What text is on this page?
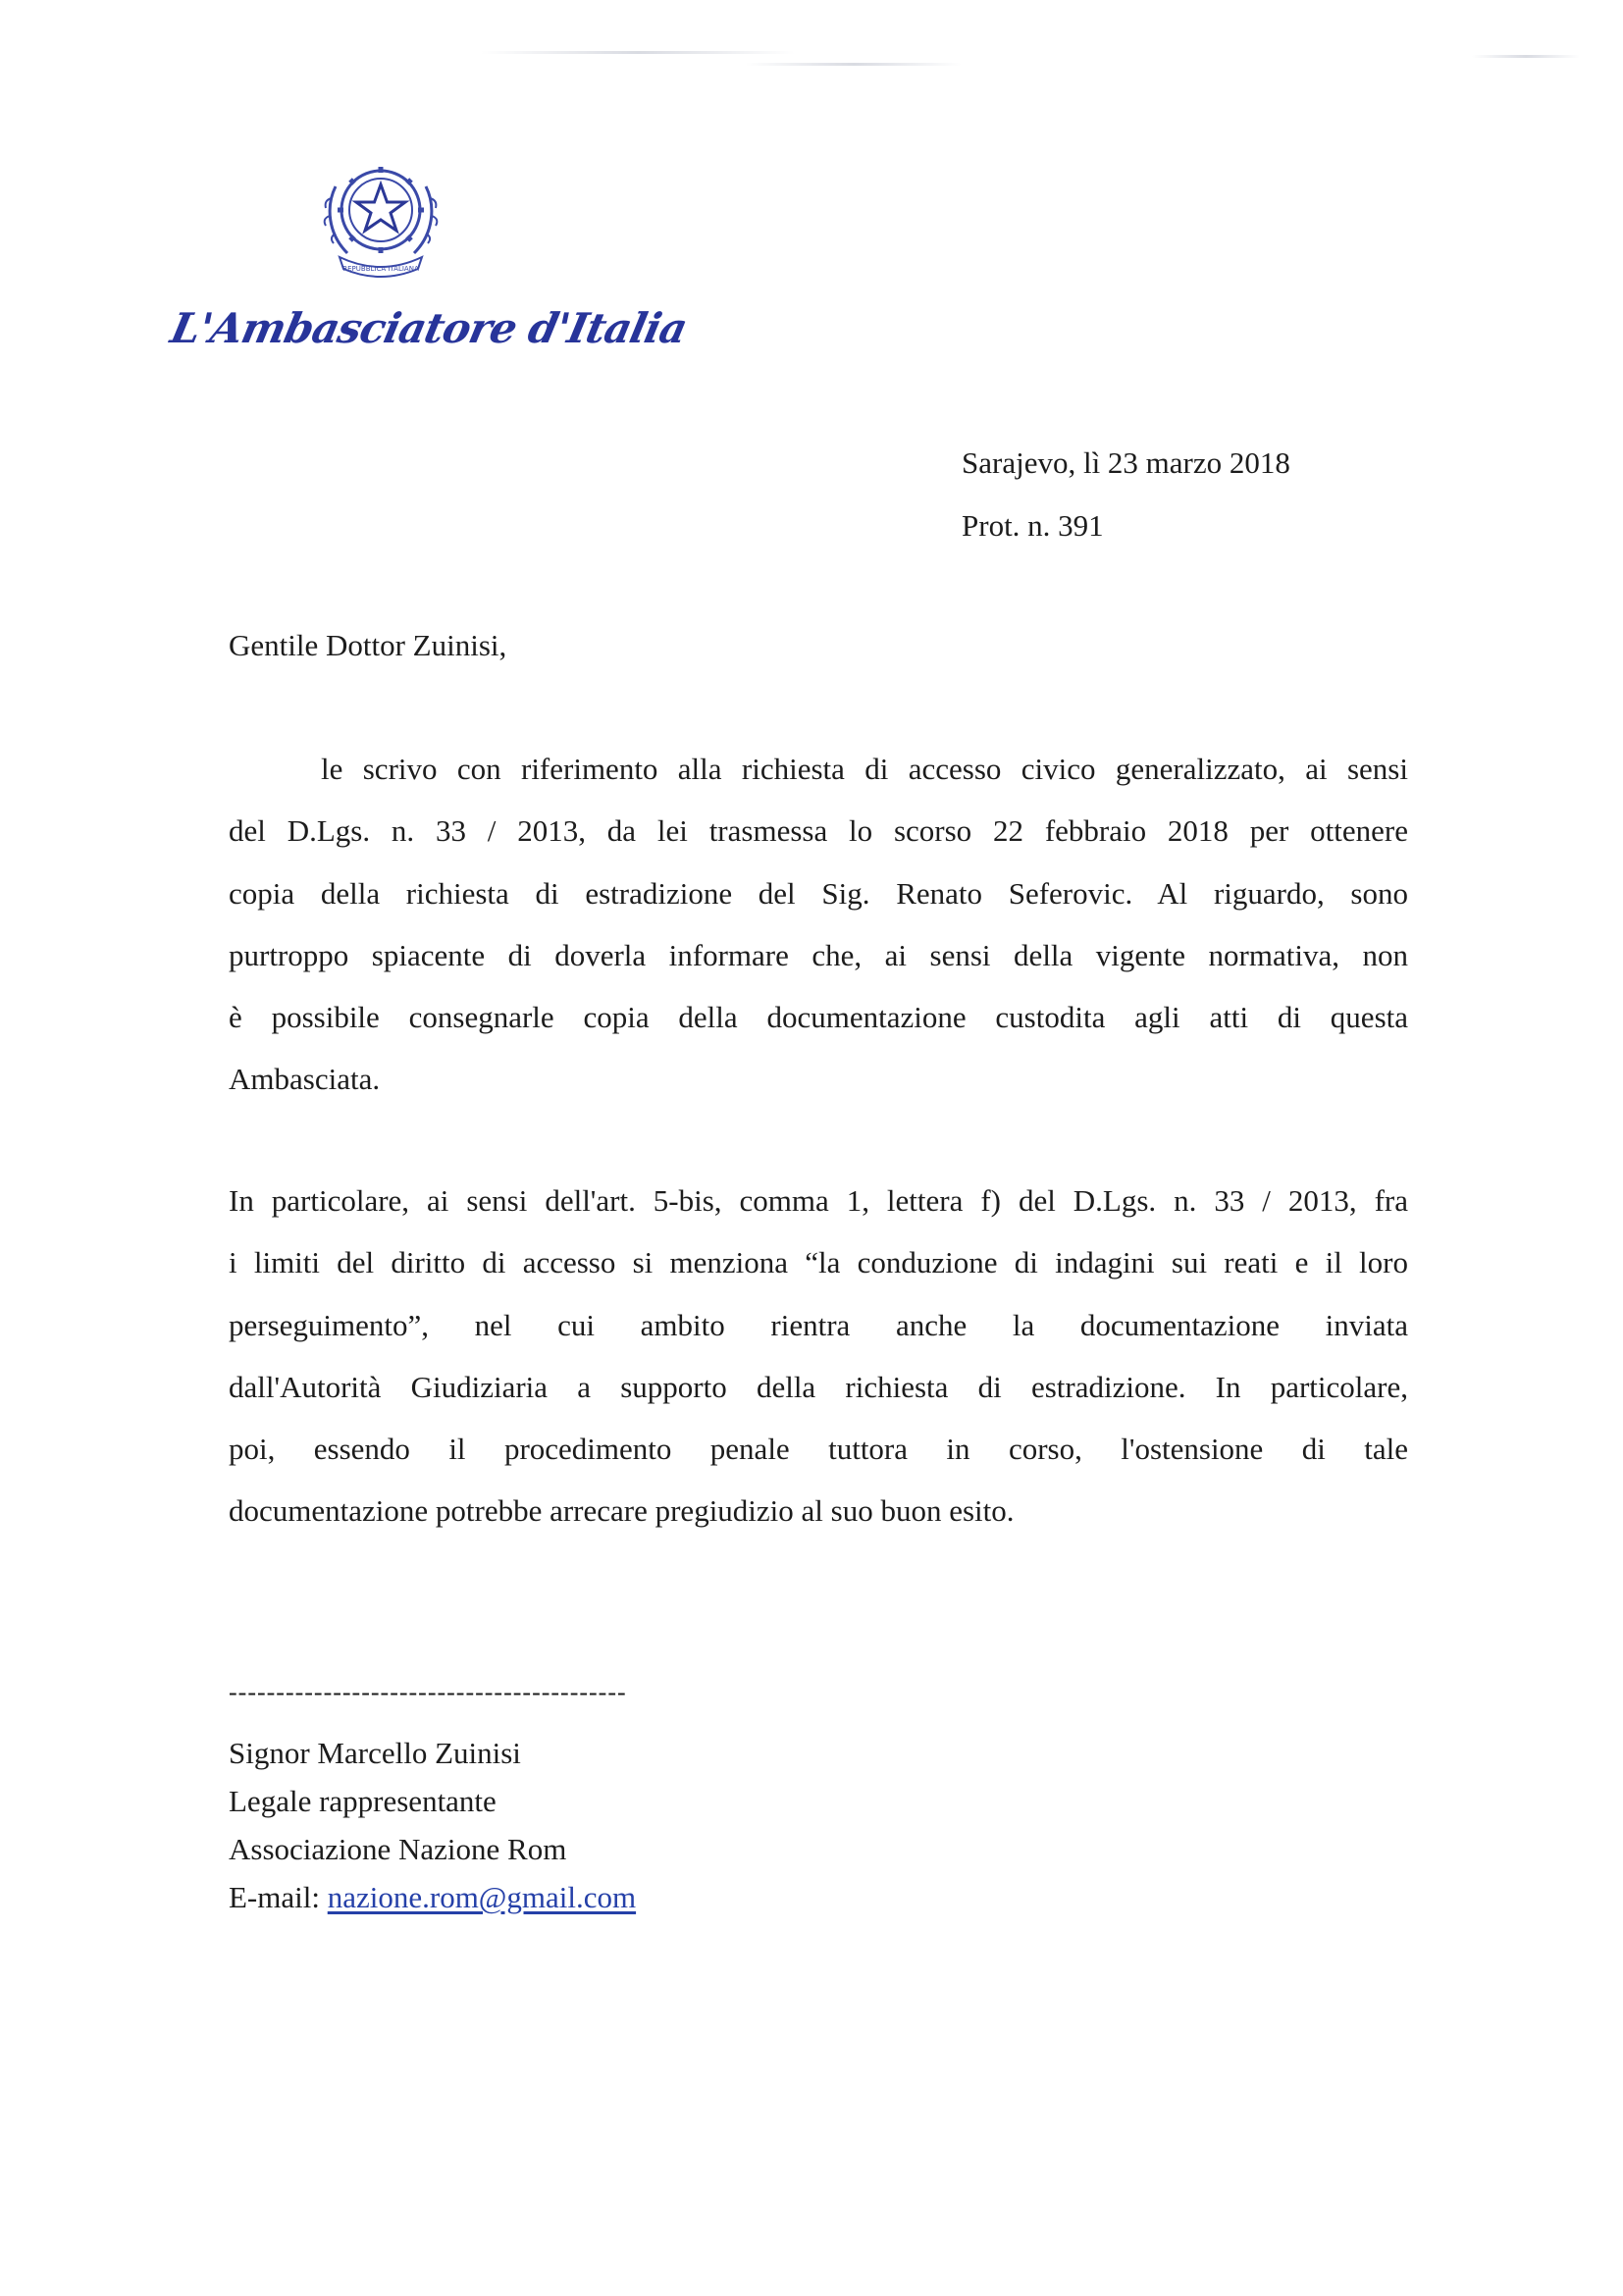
REPUBBLICA ITALIANA
L'Ambasciatore d'Italia
Sarajevo, lì 23 marzo 2018
Prot. n. 391
Gentile Dottor Zuinisi,
le scrivo con riferimento alla richiesta di accesso civico generalizzato, ai sensi
del D.Lgs. n. 33 / 2013, da lei trasmessa lo scorso 22 febbraio 2018 per ottenere
copia della richiesta di estradizione del Sig. Renato Seferovic. Al riguardo, sono
purtroppo spiacente di doverla informare che, ai sensi della vigente normativa, non
è possibile consegnarle copia della documentazione custodita agli atti di questa
Ambasciata.
In particolare, ai sensi dell'art. 5-bis, comma 1, lettera f) del D.Lgs. n. 33 / 2013, fra
i limiti del diritto di accesso si menziona “la conduzione di indagini sui reati e il loro
perseguimento”, nel cui ambito rientra anche la documentazione inviata
dall'Autorità Giudiziaria a supporto della richiesta di estradizione. In particolare,
poi, essendo il procedimento penale tuttora in corso, l'ostensione di tale
documentazione potrebbe arrecare pregiudizio al suo buon esito.
------------------------------------------
Signor Marcello Zuinisi
Legale rappresentante
Associazione Nazione Rom
E-mail: nazione.rom@gmail.com
